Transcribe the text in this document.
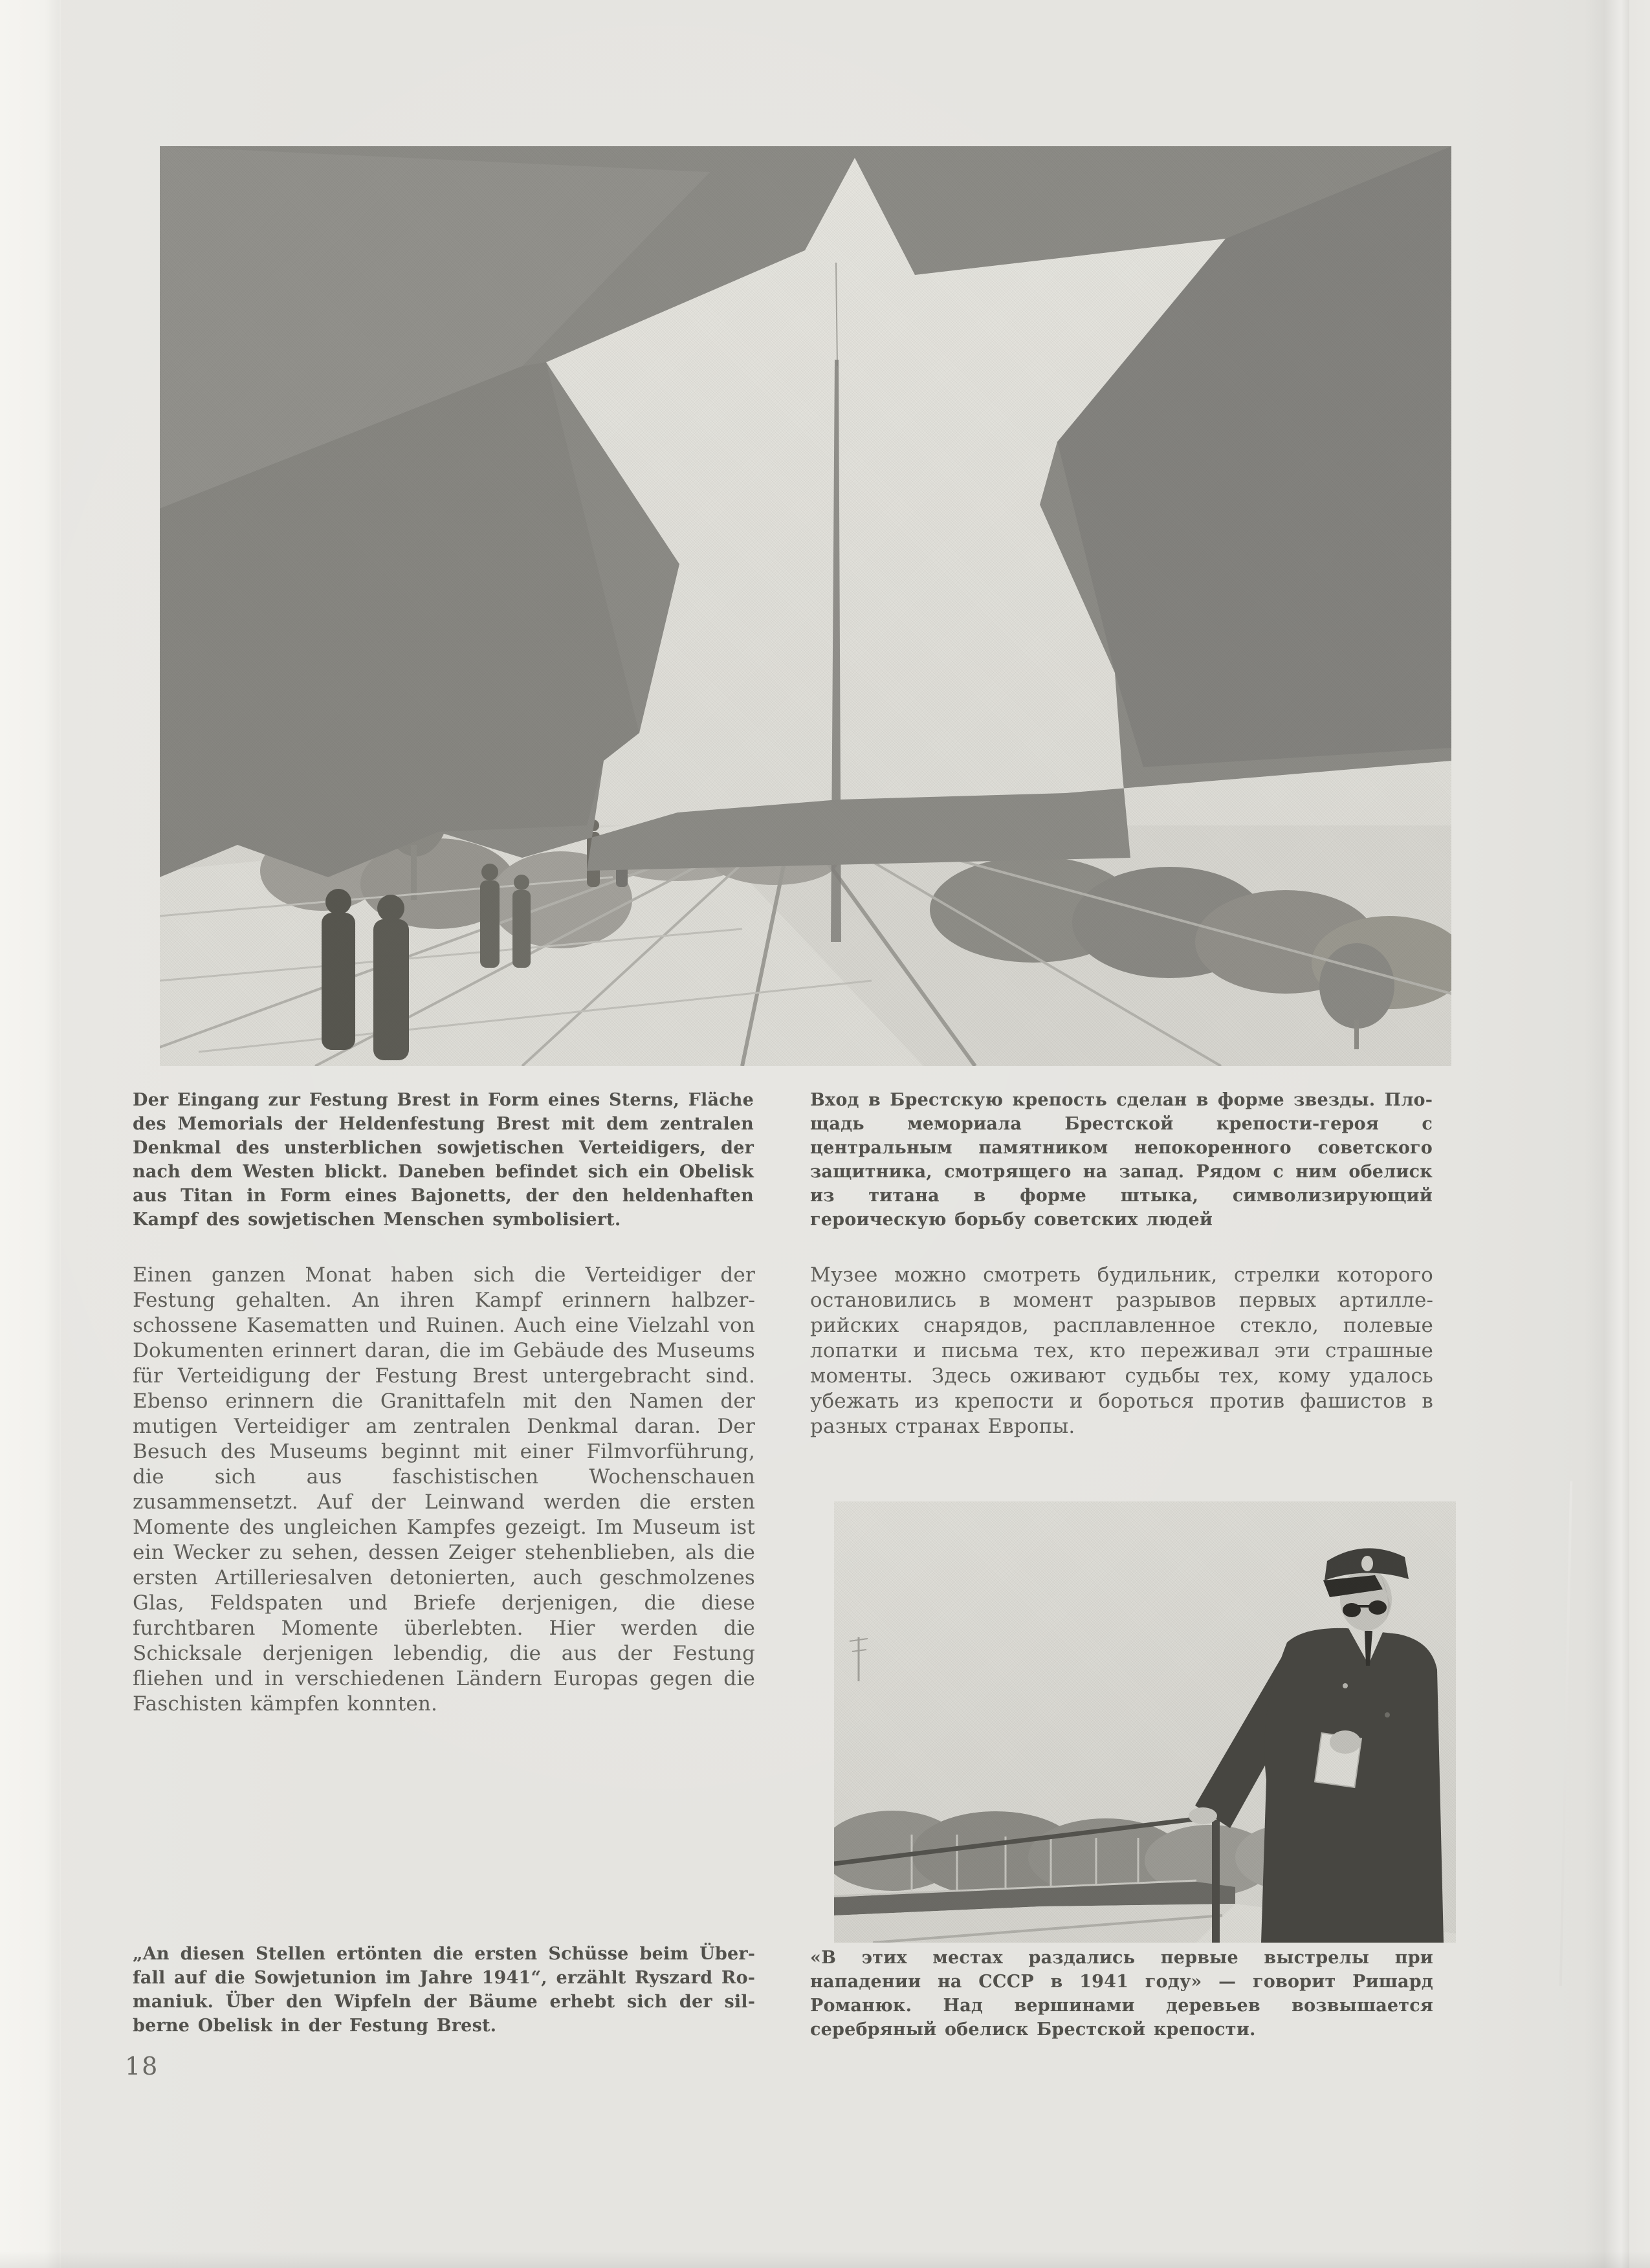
Der Eingang zur Festung Brest in Form eines Sterns, Fläche des Memorials der Heldenfestung Brest mit dem zentralen Denkmal des unsterblichen sowjetischen Verteidigers, der nach dem Westen blickt. Daneben befindet sich ein Obelisk aus Titan in Form eines Bajonetts, der den heldenhaften Kampf des sowjetischen Menschen symbolisiert.

Вход в Брестскую крепость сделан в форме звезды. Площадь мемориала Брестской крепости-героя с центральным памятником непокоренного советского защитника, смотрящего на запад. Рядом с ним обелиск из титана в форме штыка, символизирующий героическую борьбу советских людей

Einen ganzen Monat haben sich die Verteidiger der Festung gehalten. An ihren Kampf erinnern halbzerschossene Kasematten und Ruinen. Auch eine Vielzahl von Dokumenten erinnert daran, die im Gebäude des Museums für Verteidigung der Festung Brest untergebracht sind. Ebenso erinnern die Granittafeln mit den Namen der mutigen Verteidiger am zentralen Denkmal daran. Der Besuch des Museums beginnt mit einer Filmvorführung, die sich aus faschistischen Wochenschauen zusammensetzt. Auf der Leinwand werden die ersten Momente des ungleichen Kampfes gezeigt. Im Museum ist ein Wecker zu sehen, dessen Zeiger stehenblieben, als die ersten Artilleriesalven detonierten, auch geschmolzenes Glas, Feldspaten und Briefe derjenigen, die diese furchtbaren Momente überlebten. Hier werden die Schicksale derjenigen lebendig, die aus der Festung fliehen und in verschiedenen Ländern Europas gegen die Faschisten kämpfen konnten.

Музее можно смотреть будильник, стрелки которого остановились в момент разрывов первых артиллерийских снарядов, расплавленное стекло, полевые лопатки и письма тех, кто переживал эти страшные моменты. Здесь оживают судьбы тех, кому удалось убежать из крепости и бороться против фашистов в разных странах Европы.

„An diesen Stellen ertönten die ersten Schüsse beim Überfall auf die Sowjetunion im Jahre 1941“, erzählt Ryszard Romaniuk. Über den Wipfeln der Bäume erhebt sich der silberne Obelisk in der Festung Brest.

«В этих местах раздались первые выстрелы при нападении на СССР в 1941 году» — говорит Ришард Романюк. Над вершинами деревьев возвышается серебряный обелиск Брестской крепости.

18
